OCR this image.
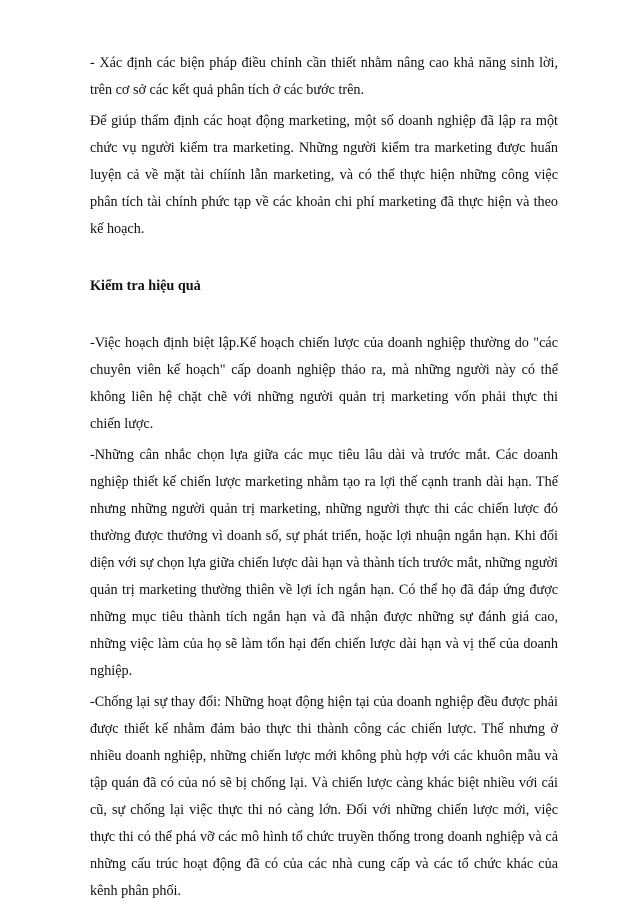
- Xác định các biện pháp điều chỉnh cần thiết nhằm nâng cao khả năng sinh lời, trên cơ sở các kết quả phân tích ở các bước trên.

Để giúp thẩm định các hoạt động marketing, một số doanh nghiệp đã lập ra một chức vụ người kiểm tra marketing. Những người kiểm tra marketing được huấn luyện cả về mặt tài chíính lẫn marketing, và có thể thực hiện những công việc phân tích tài chính phức tạp về các khoản chi phí marketing đã thực hiện và theo kế hoạch.

Kiểm tra hiệu quả

-Việc hoạch định biệt lập.Kế hoạch chiến lược của doanh nghiệp thường do "các chuyên viên kế hoạch" cấp doanh nghiệp thảo ra, mà những người này có thể không liên hệ chặt chẽ với những người quản trị marketing vốn phải thực thi chiến lược.

-Những cân nhắc chọn lựa giữa các mục tiêu lâu dài và trước mắt. Các doanh nghiệp thiết kế chiến lược marketing nhằm tạo ra lợi thế cạnh tranh dài hạn. Thế nhưng những người quản trị marketing, những người thực thi các chiến lược đó thường được thưởng vì doanh số, sự phát triển, hoặc lợi nhuận ngắn hạn. Khi đối diện với sự chọn lựa giữa chiến lược dài hạn và thành tích trước mắt, những người quản trị marketing thường thiên về lợi ích ngắn hạn. Có thể họ đã đáp ứng được những mục tiêu thành tích ngắn hạn và đã nhận được những sự đánh giá cao, những việc làm của họ sẽ làm tổn hại đến chiến lược dài hạn và vị thế của doanh nghiệp.

-Chống lại sự thay đổi: Những hoạt động hiện tại của doanh nghiệp đều được phải được thiết kế nhằm đảm bảo thực thi thành công các chiến lược. Thế nhưng ở nhiều doanh nghiệp, những chiến lược mới không phù hợp với các khuôn mẫu và tập quán đã có của nó sẽ bị chống lại. Và chiến lược càng khác biệt nhiều với cái cũ, sự chống lại việc thực thi nó càng lớn. Đối với những chiến lược mới, việc thực thi có thể phá vỡ các mô hình tổ chức truyền thống trong doanh nghiệp và cả những cấu trúc hoạt động đã có của các nhà cung cấp và các tổ chức khác của kênh phân phối.
